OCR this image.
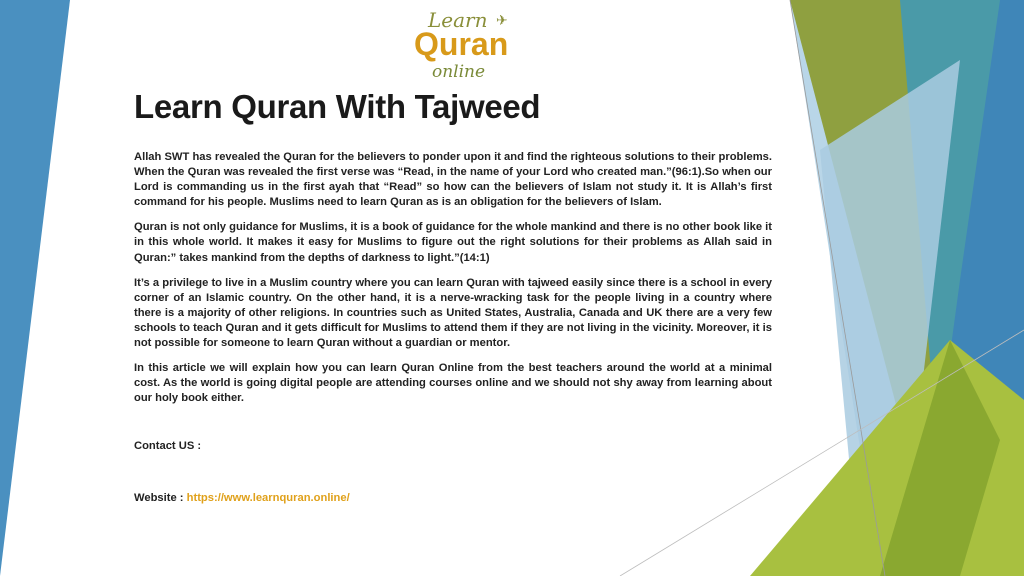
Learn ✈
Quran
online
Learn Quran With Tajweed

Allah SWT has revealed the Quran for the believers to ponder upon it and find the righteous solutions to their problems. When the Quran was revealed the first verse was “Read, in the name of your Lord who created man.”(96:1).So when our Lord is commanding us in the first ayah that “Read” so how can the believers of Islam not study it. It is Allah’s first command for his people. Muslims need to learn Quran as is an obligation for the believers of Islam.

Quran is not only guidance for Muslims, it is a book of guidance for the whole mankind and there is no other book like it in this whole world. It makes it easy for Muslims to figure out the right solutions for their problems as Allah said in Quran:” takes mankind from the depths of darkness to light.”(14:1)

It’s a privilege to live in a Muslim country where you can learn Quran with tajweed easily since there is a school in every corner of an Islamic country. On the other hand, it is a nerve-wracking task for the people living in a country where there is a majority of other religions. In countries such as United States, Australia, Canada and UK there are a very few schools to teach Quran and it gets difficult for Muslims to attend them if they are not living in the vicinity. Moreover, it is not possible for someone to learn Quran without a guardian or mentor.

In this article we will explain how you can learn Quran Online from the best teachers around the world at a minimal cost. As the world is going digital people are attending courses online and we should not shy away from learning about our holy book either.

Contact US :
Website : https://www.learnquran.online/
